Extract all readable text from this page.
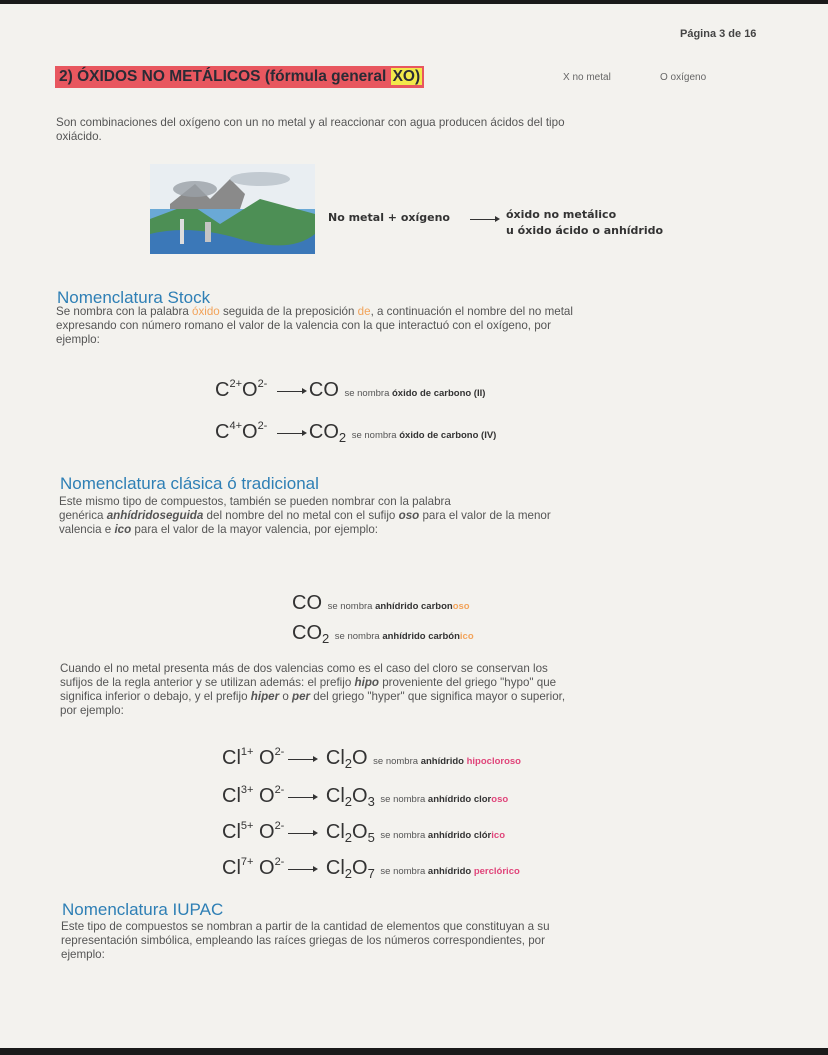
Página 3 de 16
2) ÓXIDOS NO METÁLICOS (fórmula general XO)	X no metal	O oxígeno
Son combinaciones del oxígeno con un no metal y al reaccionar con agua producen ácidos del tipo
oxiácido.
No metal + oxígeno → óxido no metálico
u óxido ácido o anhídrido
Nomenclatura Stock
Se nombra con la palabra óxido seguida de la preposición de, a continuación el nombre del no metal
expresando con número romano el valor de la valencia con la que interactuó con el oxígeno, por
ejemplo:
$C^{2+}O^{2-}$ CO se nombra óxido de carbono (II)
$C^{4+}O^{2-}$ $CO_2$ se nombra óxido de carbono (IV)
Nomenclatura clásica ó tradicional
Este mismo tipo de compuestos, también se pueden nombrar con la palabra
genérica anhídridoseguida del nombre del no metal con el sufijo oso para el valor de la menor
valencia e ico para el valor de la mayor valencia, por ejemplo:
CO se nombra anhídrido carbonoso
$CO_2$ se nombra anhídrido carbónico
Cuando el no metal presenta más de dos valencias como es el caso del cloro se conservan los
sufijos de la regla anterior y se utilizan además: el prefijo hipo proveniente del griego "hypo" que
significa inferior o debajo, y el prefijo hiper o per del griego "hyper" que significa mayor o superior,
por ejemplo:
$Cl^{1+}$ $O^{2-}$ $Cl_2O$ se nombra anhídrido hipocloroso
$Cl^{3+}$ $O^{2-}$ $Cl_2O_3$ se nombra anhídrido cloroso
$Cl^{5+}$ $O^{2-}$ $Cl_2O_5$ se nombra anhídrido clórico
$Cl^{7+}$ $O^{2-}$ $Cl_2O_7$ se nombra anhídrido perclórico
Nomenclatura IUPAC
Este tipo de compuestos se nombran a partir de la cantidad de elementos que constituyan a su
representación simbólica, empleando las raíces griegas de los números correspondientes, por
ejemplo:
